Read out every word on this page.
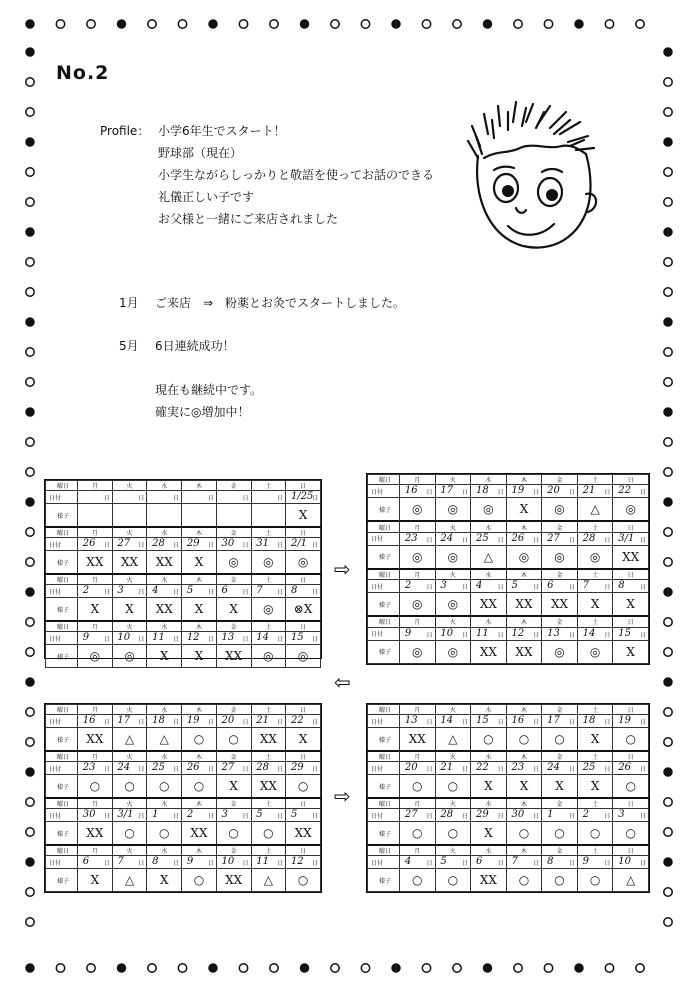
No.2
Profile： 小学6年生でスタート！
野球部（現在）
小学生ながらしっかりと敬語を使ってお話のできる
礼儀正しい子です
お父様と一緒にご来店されました
1月 ご来店　⇒　粉薬とお灸でスタートしました。
5月 6日連続成功！
現在も継続中です。
確実に◎増加中！
曜日	月	火	水	木	金	土	日
日付	日	日	日	日	日	日	1/25
日

様子							X
曜日	月	火	水	木	金	土	日
日付	26 日	27 日	28 日	29 日	30 日	31 日	2/1 日

様子	XX	XX	XX	X	◎	◎	◎
曜日	月	火	水	木	金	土	日
日付	2 日	3 日	4 日	5 日	6 日	7 日	8 日

様子	X	X	XX	X	X	◎	⊗X
曜日	月	火	水	木	金	土	日
日付	9 日	10 日	11 日	12 日	13 日	14 日	15 日

様子	◎	◎	X	X	XX	◎	◎
曜日	月	火	水	木	金	土	日
日付	16 日	17 日	18 日	19 日	20 日	21 日	22 日

様子	◎	◎	◎	X	◎	△	◎
曜日	月	火	水	木	金	土	日
日付	23 日	24 日	25 日	26 日	27 日	28 日	3/1 日

様子	◎	◎	△	◎	◎	◎	XX
曜日	月	火	水	木	金	土	日
日付	2 日	3 日	4 日	5 日	6 日	7 日	8 日

様子	◎	◎	XX	XX	XX	X	X
曜日	月	火	水	木	金	土	日
日付	9 日	10 日	11 日	12 日	13 日	14 日	15 日

様子	◎	◎	XX	XX	◎	◎	X
曜日	月	火	水	木	金	土	日
日付	16 日	17 日	18 日	19 日	20 日	21 日	22 日

様子	XX	△	△	○	○	XX	X
曜日	月	火	水	木	金	土	日
日付	23 日	24 日	25 日	26 日	27 日	28 日	29 日

様子	○	○	○	○	X	XX	○
曜日	月	火	水	木	金	土	日
日付	30 日	3/1 日	1 日	2 日	3 日	5 日	5 日

様子	XX	○	○	XX	○	○	XX
曜日	月	火	水	木	金	土	日
日付	6 日	7 日	8 日	9 日	10 日	11 日	12 日

様子	X	△	X	○	XX	△	○
曜日	月	火	水	木	金	土	日
日付	13 日	14 日	15 日	16 日	17 日	18 日	19 日

様子	XX	△	○	○	○	X	○
曜日	月	火	水	木	金	土	日
日付	20 日	21 日	22 日	23 日	24 日	25 日	26 日

様子	○	○	X	X	X	X	○
曜日	月	火	水	木	金	土	日
日付	27 日	28 日	29 日	30 日	1 日	2 日	3 日

様子	○	○	X	○	○	○	○
曜日	月	火	水	木	金	土	日
日付	4 日	5 日	6 日	7 日	8 日	9 日	10 日

様子	○	○	XX	○	○	○	△
⇨
⇦
⇨
